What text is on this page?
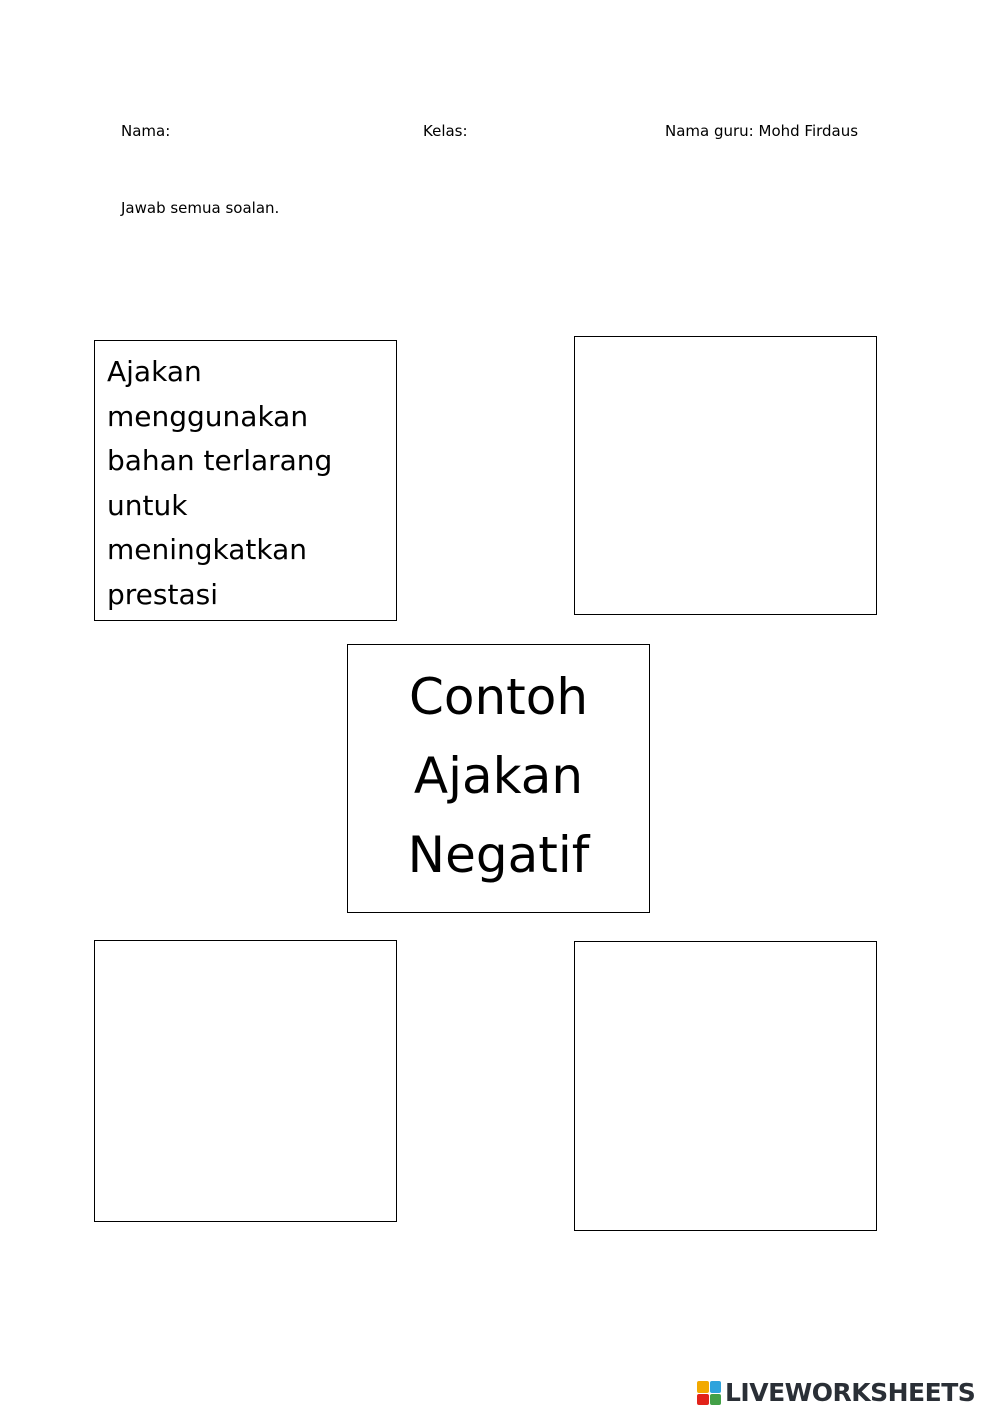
Nama:	Kelas:	Nama guru: Mohd Firdaus
Jawab semua soalan.
Ajakan
menggunakan
bahan terlarang
untuk
meningkatkan
prestasi
Contoh
Ajakan
Negatif
LIVEWORKSHEETS
